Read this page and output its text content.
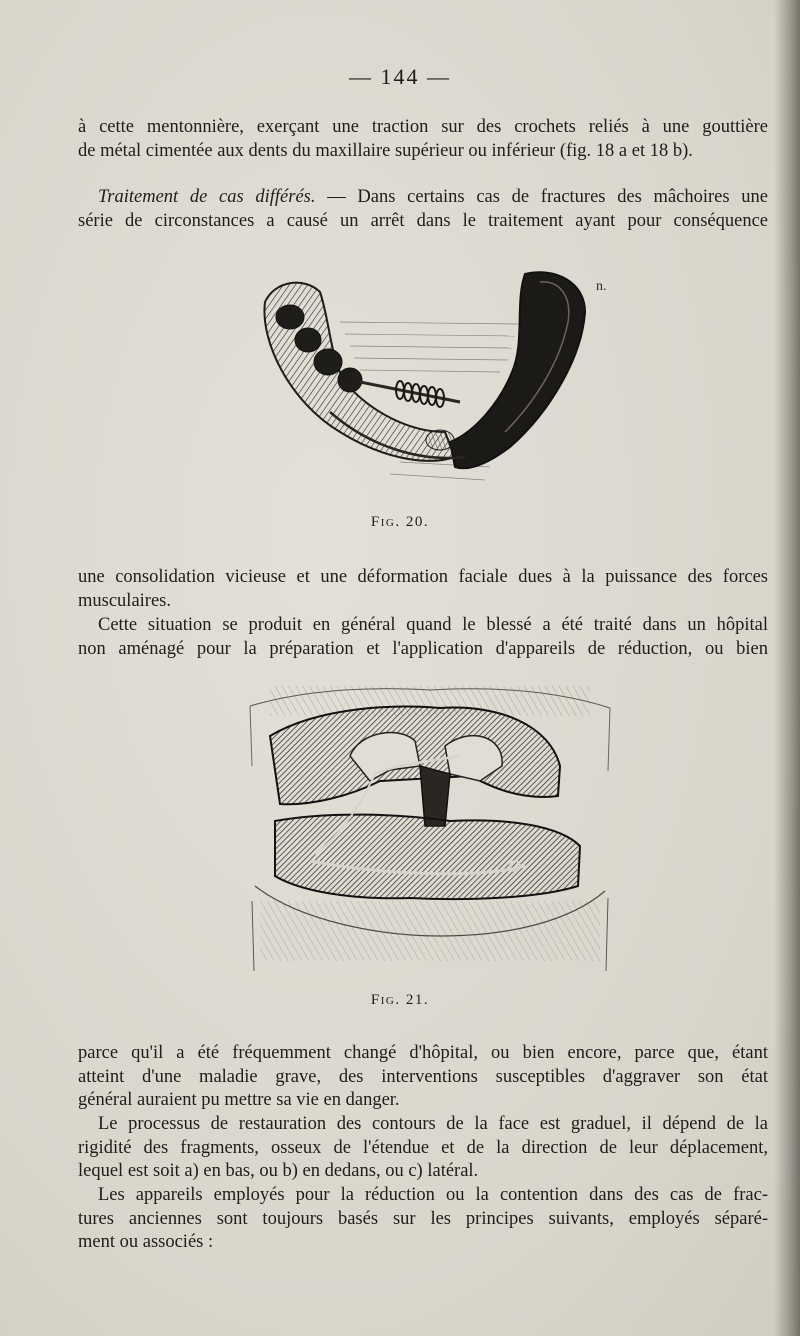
— 144 —

à cette mentonnière, exerçant une traction sur des crochets reliés à une gouttière
de métal cimentée aux dents du maxillaire supérieur ou inférieur (fig. 18 a et 18 b).

Traitement de cas différés. — Dans certains cas de fractures des mâchoires une
série de circonstances a causé un arrêt dans le traitement ayant pour conséquence

n.
Fig. 20.

une consolidation vicieuse et une déformation faciale dues à la puissance des forces
musculaires.

Cette situation se produit en général quand le blessé a été traité dans un hôpital
non aménagé pour la préparation et l'application d'appareils de réduction, ou bien

Fig. 21.

parce qu'il a été fréquemment changé d'hôpital, ou bien encore, parce que, étant
atteint d'une maladie grave, des interventions susceptibles d'aggraver son état
général auraient pu mettre sa vie en danger.

Le processus de restauration des contours de la face est graduel, il dépend de la
rigidité des fragments, osseux de l'étendue et de la direction de leur déplacement,
lequel est soit a) en bas, ou b) en dedans, ou c) latéral.

Les appareils employés pour la réduction ou la contention dans des cas de frac-
tures anciennes sont toujours basés sur les principes suivants, employés séparé-
ment ou associés :
